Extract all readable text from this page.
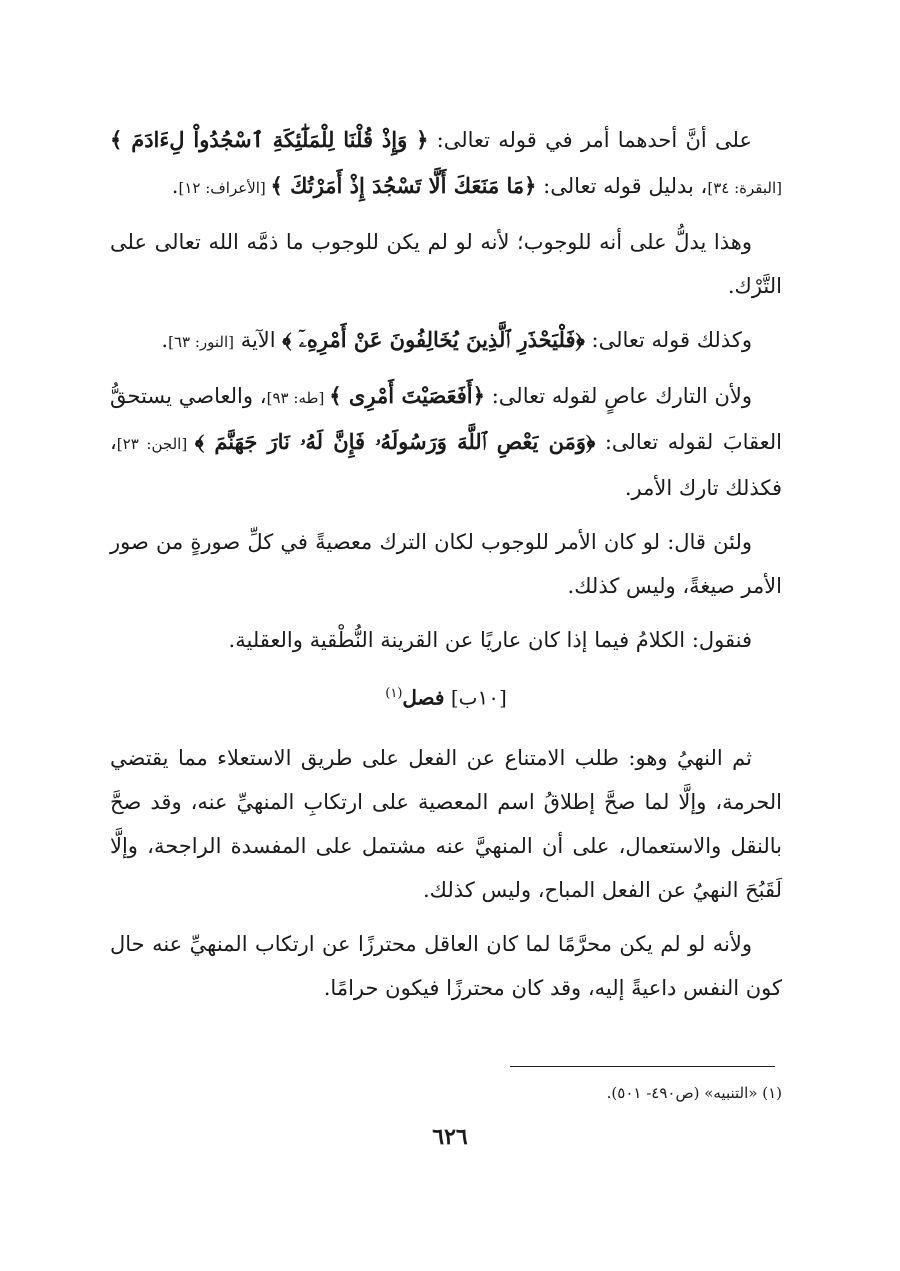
على أنَّ أحدهما أمر في قوله تعالى: ﴿ وَإِذْ قُلْنَا لِلْمَلَٰٓئِكَةِ ٱسْجُدُواْ لِءَادَمَ ﴾ [البقرة: ٣٤]، بدليل قوله تعالى: ﴿مَا مَنَعَكَ أَلَّا تَسْجُدَ إِذْ أَمَرْتُكَ ﴾ [الأعراف: ١٢].

وهذا يدلُّ على أنه للوجوب؛ لأنه لو لم يكن للوجوب ما ذمَّه الله تعالى على التَّرْك.

وكذلك قوله تعالى: ﴿فَلْيَحْذَرِ ٱلَّذِينَ يُخَالِفُونَ عَنْ أَمْرِهِۦٓ ﴾ الآية [النور: ٦٣].

ولأن التارك عاصٍ لقوله تعالى: ﴿أَفَعَصَيْتَ أَمْرِى ﴾ [طه: ٩٣]، والعاصي يستحقُّ العقابَ لقوله تعالى: ﴿وَمَن يَعْصِ ٱللَّهَ وَرَسُولَهُۥ فَإِنَّ لَهُۥ نَارَ جَهَنَّمَ ﴾ [الجن: ٢٣]، فكذلك تارك الأمر.

ولئن قال: لو كان الأمر للوجوب لكان الترك معصيةً في كلِّ صورةٍ من صور الأمر صيغةً، وليس كذلك.

فنقول: الكلامُ فيما إذا كان عاريًا عن القرينة النُّطْقية والعقلية.

[١٠ب] فصل$^{(١)}$

ثم النهيُ وهو: طلب الامتناع عن الفعل على طريق الاستعلاء مما يقتضي الحرمة، وإلَّا لما صحَّ إطلاقُ اسم المعصية على ارتكابِ المنهيِّ عنه، وقد صحَّ بالنقل والاستعمال، على أن المنهيَّ عنه مشتمل على المفسدة الراجحة، وإلَّا لَقَبُحَ النهيُ عن الفعل المباح، وليس كذلك.

ولأنه لو لم يكن محرَّمًا لما كان العاقل محترزًا عن ارتكاب المنهيِّ عنه حال كون النفس داعيةً إليه، وقد كان محترزًا فيكون حرامًا.

(١) «التنبيه» (ص٤٩٠- ٥٠١).
٦٢٦
